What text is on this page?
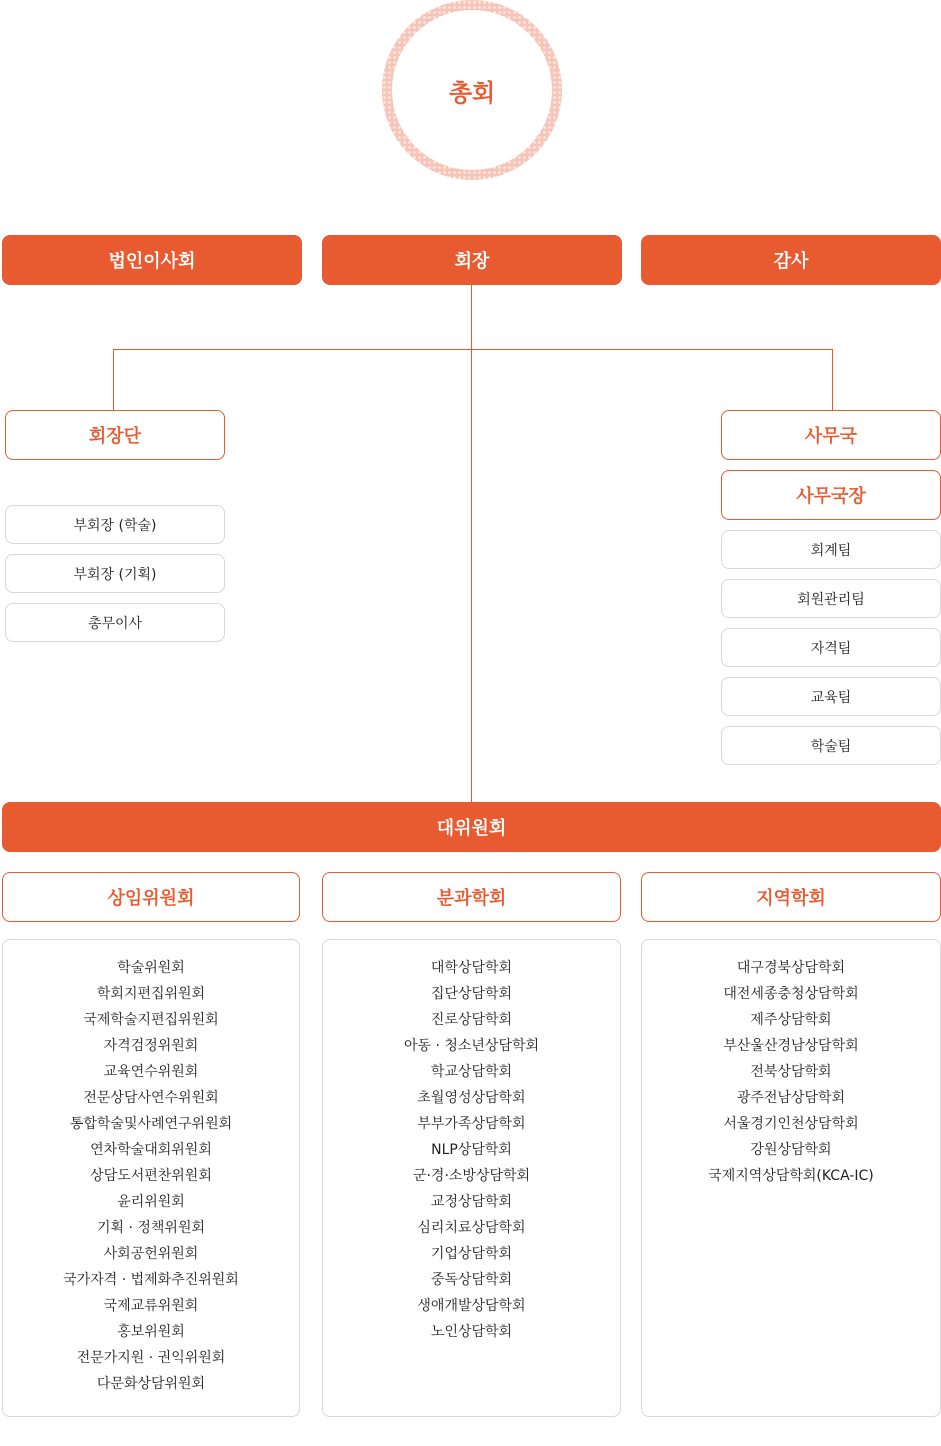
총회
법인이사회	회장	감사
회장단
부회장 (학술)
부회장 (기획)
총무이사
사무국
사무국장
회계팀
회원관리팀
자격팀
교육팀
학술팀
대위원회
상임위원회	분과학회	지역학회
학술위원회
학회지편집위원회
국제학술지편집위원회
자격검정위원회
교육연수위원회
전문상담사연수위원회
통합학술및사례연구위원회
연차학술대회위원회
상담도서편찬위원회
윤리위원회
기획 · 정책위원회
사회공헌위원회
국가자격 · 법제화추진위원회
국제교류위원회
홍보위원회
전문가지원 · 권익위원회
다문화상담위원회
대학상담학회
집단상담학회
진로상담학회
아동 · 청소년상담학회
학교상담학회
초월영성상담학회
부부가족상담학회
NLP상담학회
군·경·소방상담학회
교정상담학회
심리치료상담학회
기업상담학회
중독상담학회
생애개발상담학회
노인상담학회
대구경북상담학회
대전세종충청상담학회
제주상담학회
부산울산경남상담학회
전북상담학회
광주전남상담학회
서울경기인천상담학회
강원상담학회
국제지역상담학회(KCA-IC)
